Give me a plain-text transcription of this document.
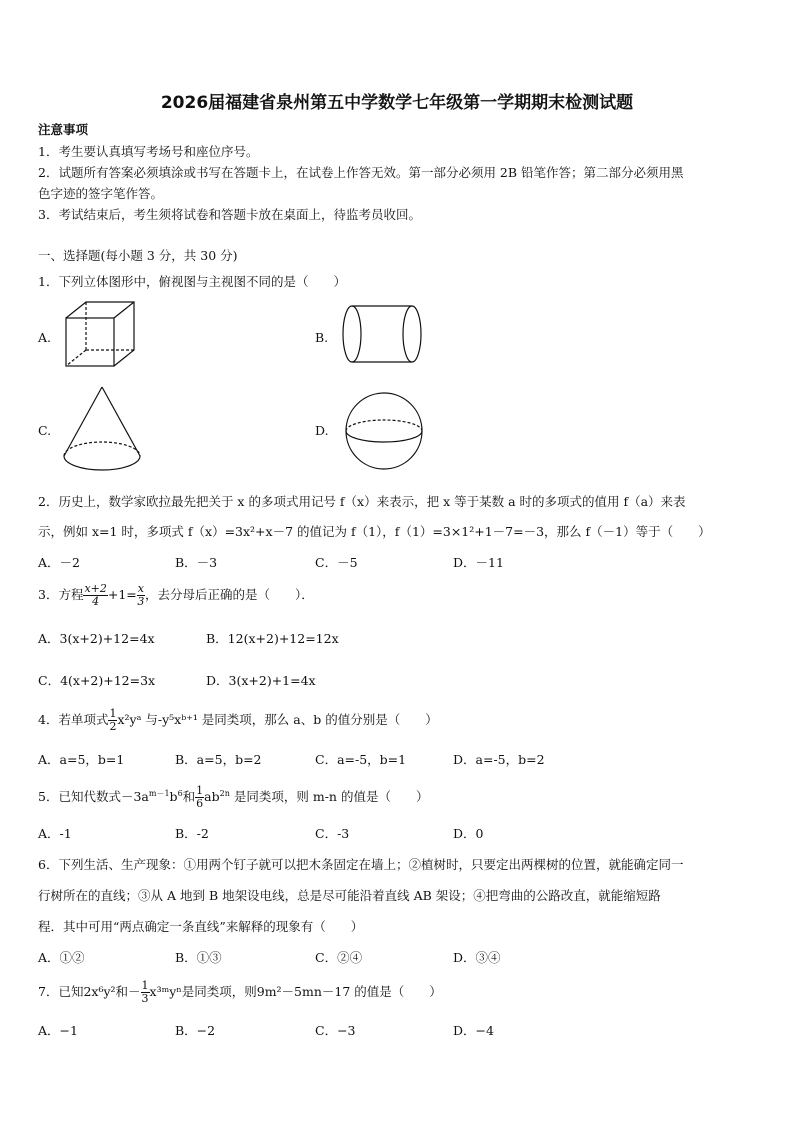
2026届福建省泉州第五中学数学七年级第一学期期末检测试题
注意事项
1．考生要认真填写考场号和座位序号。
2．试题所有答案必须填涂或书写在答题卡上，在试卷上作答无效。第一部分必须用 2B 铅笔作答；第二部分必须用黑
色字迹的签字笔作答。
3．考试结束后，考生须将试卷和答题卡放在桌面上，待监考员收回。
一、选择题(每小题 3 分，共 30 分)
1．下列立体图形中，俯视图与主视图不同的是（　　）
A.	B.
C.	D.
2．历史上，数学家欧拉最先把关于 x 的多项式用记号 f（x）来表示，把 x 等于某数 a 时的多项式的值用 f（a）来表
示，例如 x=1 时，多项式 f（x）=3x²+x－7 的值记为 f（1），f（1）=3×1²+1－7=－3，那么 f（－1）等于（　　）
A．－2	B．－3	C．－5	D．－11
3．方程 $\frac{x+2}{4} +1= \frac{x}{3}$ ，去分母后正确的是（　　）．
A．3(x+2)+12=4x	B．12(x+2)+12=12x
C．4(x+2)+12=3x	D．3(x+2)+1=4x
4．若单项式 $\frac{1}{2}$ x²yᵃ 与-y⁵xᵇ⁺¹ 是同类项，那么 a、b 的值分别是（　　）
A．a=5，b=1	B．a=5，b=2	C．a=-5，b=1	D．a=-5，b=2
5．已知代数式$-3a^{m-1}b^6$和 $\frac{1}{6} ab^{2n}$ 是同类项，则 m-n 的值是（　　）
A．-1	B．-2	C．-3	D．0
6．下列生活、生产现象：①用两个钉子就可以把木条固定在墙上；②植树时，只要定出两棵树的位置，就能确定同一
行树所在的直线；③从 A 地到 B 地架设电线，总是尽可能沿着直线 AB 架设；④把弯曲的公路改直，就能缩短路
程．其中可用“两点确定一条直线”来解释的现象有（　　）
A．①②	B．①③	C．②④	D．③④
7．已知2x⁶y²和－ $\frac{1}{3}$ x³ᵐyⁿ是同类项，则9m²－5mn－17 的值是（　　）
A．−1	B．−2	C．−3	D．−4
